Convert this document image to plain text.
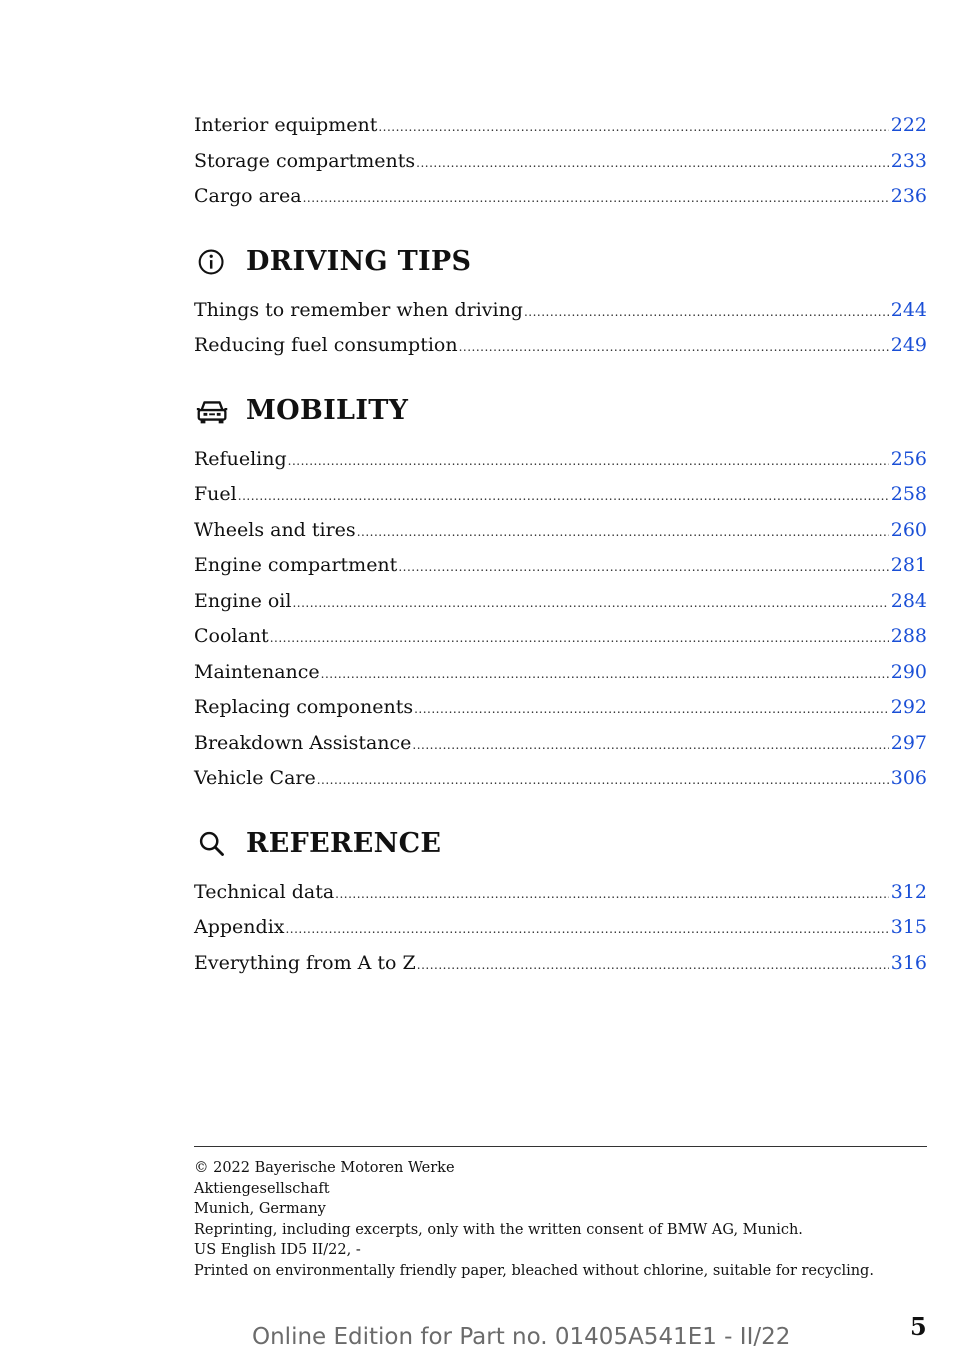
Interior equipment .....	222
Storage compartments .....	233
Cargo area .....	236
DRIVING TIPS
Things to remember when driving .....	244
Reducing fuel consumption .....	249
MOBILITY
Refueling .....	256
Fuel .....	258
Wheels and tires .....	260
Engine compartment .....	281
Engine oil .....	284
Coolant .....	288
Maintenance .....	290
Replacing components .....	292
Breakdown Assistance .....	297
Vehicle Care .....	306
REFERENCE
Technical data .....	312
Appendix .....	315
Everything from A to Z .....	316
© 2022 Bayerische Motoren Werke
Aktiengesellschaft
Munich, Germany
Reprinting, including excerpts, only with the written consent of BMW AG, Munich.
US English ID5 II/22, -
Printed on environmentally friendly paper, bleached without chlorine, suitable for recycling.
5
Online Edition for Part no. 01405A541E1 - II/22
